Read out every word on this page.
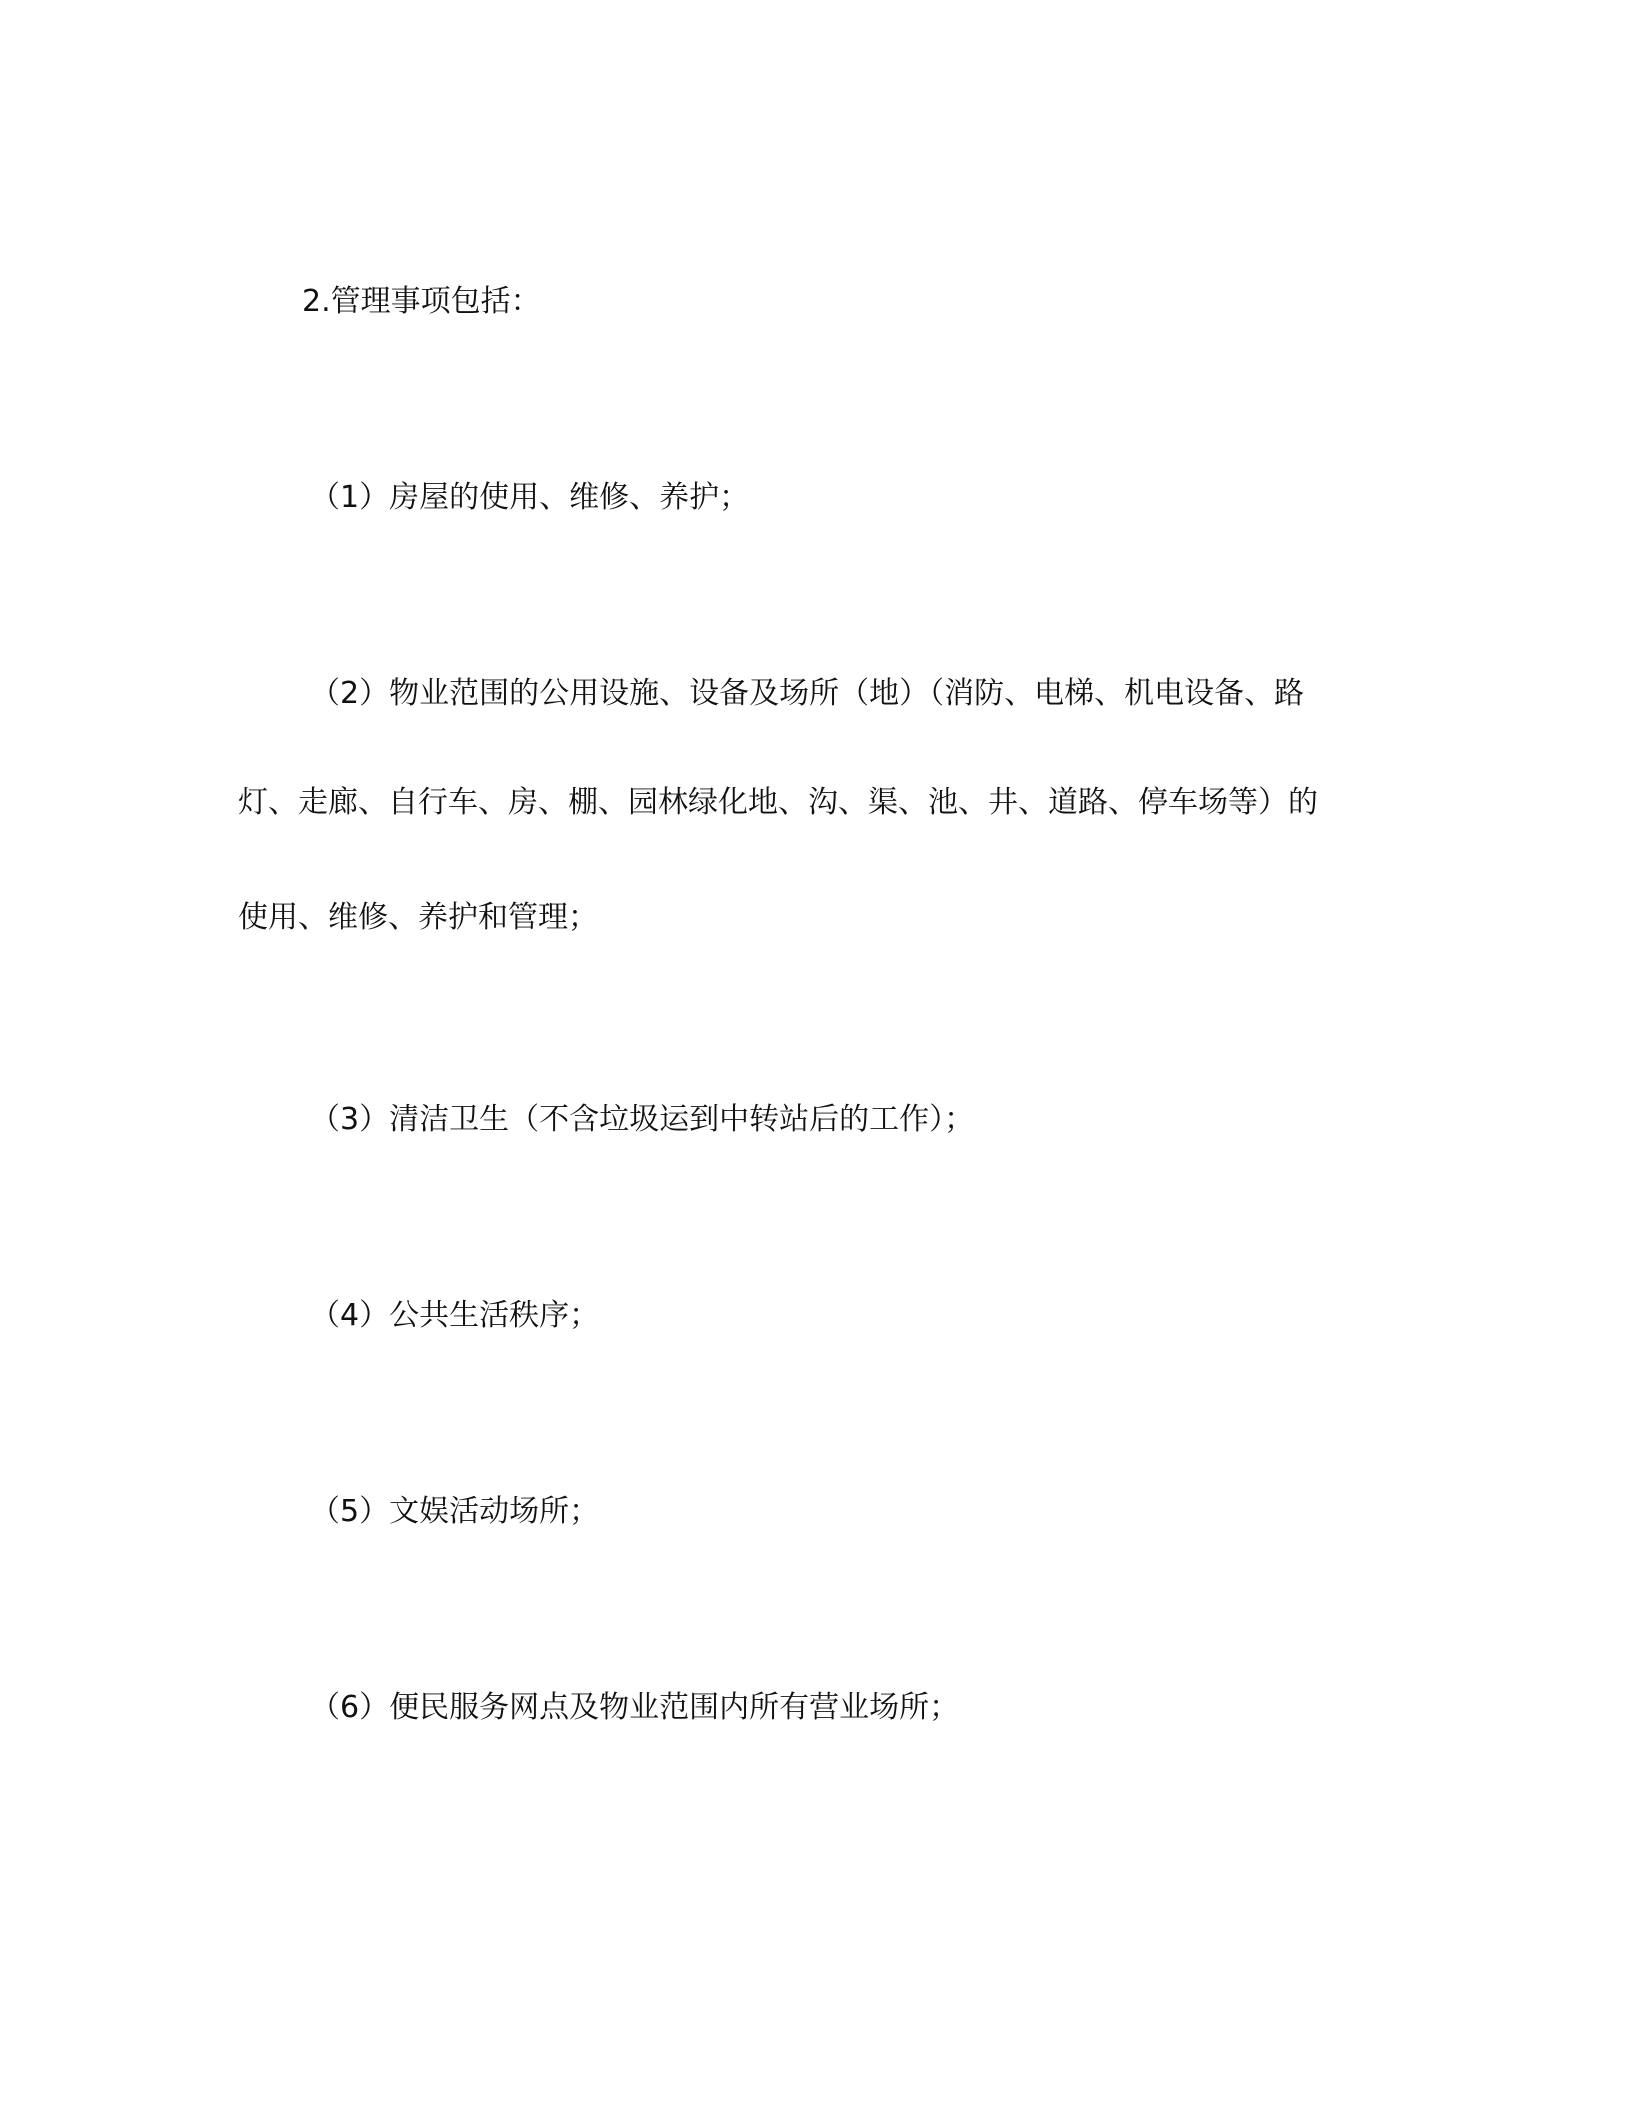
2.管理事项包括：

（1）房屋的使用、维修、养护；

（2）物业范围的公用设施、设备及场所（地）（消防、电梯、机电设备、路

灯、走廊、自行车、房、棚、园林绿化地、沟、渠、池、井、道路、停车场等）的

使用、维修、养护和管理；

（3）清洁卫生（不含垃圾运到中转站后的工作）；

（4）公共生活秩序；

（5）文娱活动场所；

（6）便民服务网点及物业范围内所有营业场所；
